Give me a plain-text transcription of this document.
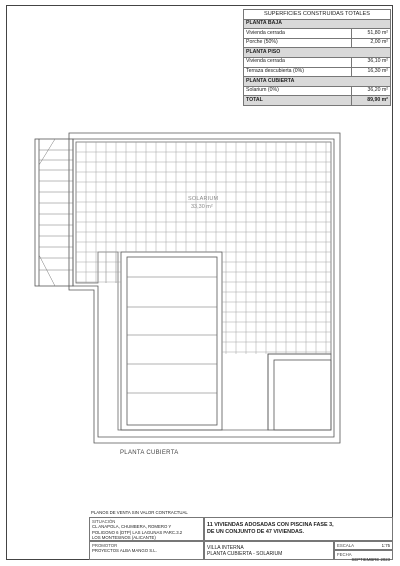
SUPERFICIES CONSTRUIDAS TOTALES	
PLANTA BAJA	
Vivienda cerrada	51,80 m²
Porche (50%)	2,00 m²
PLANTA PISO	
Vivienda cerrada	36,10 m²
Terraza descubierta (0%)	16,30 m²
PLANTA CUBIERTA	
Solarium (0%)	36,20 m²
TOTAL	89,90 m²
SOLARIUM
33,30 m²
PLANTA CUBIERTA
PLANOS DE VENTA SIN VALOR CONTRACTUAL
SITUACIÓN
CL ANAPOLA, CHUMBERA, ROMERO Y
POLIGONO 6 (DTP) LAS LAGUNAS PARC.3.2
LOS MONTESINOS (ALICANTE)
11 VIVIENDAS ADOSADAS CON PISCINA FASE 3,
DE UN CONJUNTO DE 47 VIVIENDAS.
PROMOTOR
PROYECTOS ALBA MANGO S.L.	VILLA INTERNA
PLANTA CUBIERTA - SOLARIUM
ESCALA	1:75
FECHA
SEPTIEMBRE 2023
